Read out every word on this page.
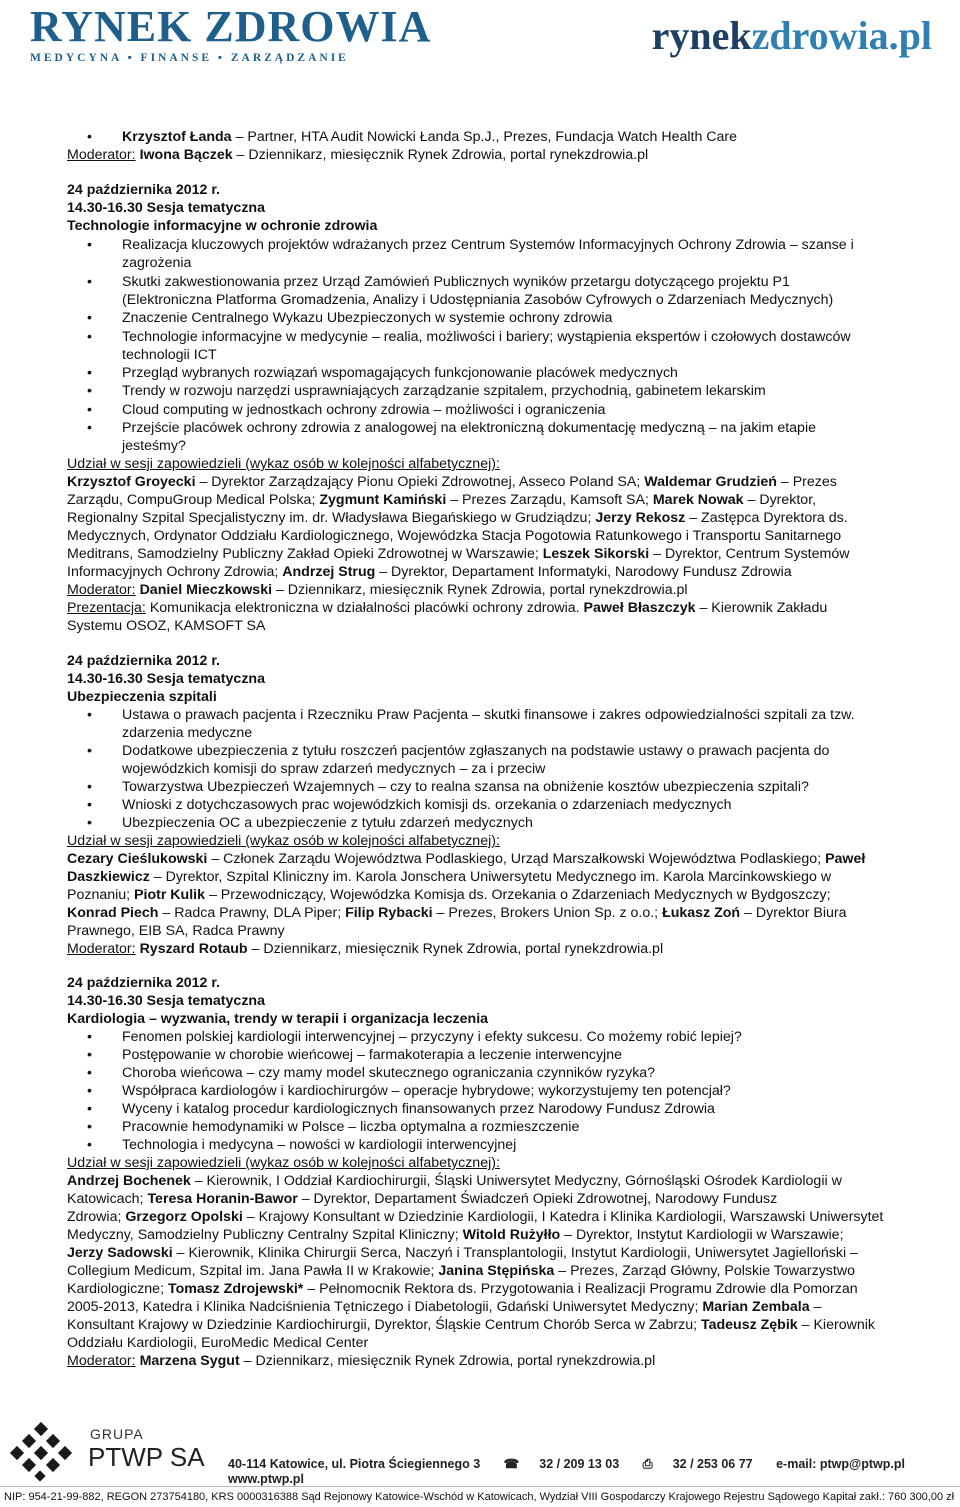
RYNEK ZDROWIA
MEDYCYNA ▪ FINANSE ▪ ZARZĄDZANIE	rynekzdrowia.pl
Krzysztof Łanda – Partner, HTA Audit Nowicki Łanda Sp.J., Prezes, Fundacja Watch Health Care
Moderator: Iwona Bączek – Dziennikarz, miesięcznik Rynek Zdrowia, portal rynekzdrowia.pl
24 października 2012 r.
14.30-16.30 Sesja tematyczna
Technologie informacyjne w ochronie zdrowia
Realizacja kluczowych projektów wdrażanych przez Centrum Systemów Informacyjnych Ochrony Zdrowia – szanse i
zagrożenia
Skutki zakwestionowania przez Urząd Zamówień Publicznych wyników przetargu dotyczącego projektu P1
(Elektroniczna Platforma Gromadzenia, Analizy i Udostępniania Zasobów Cyfrowych o Zdarzeniach Medycznych)
Znaczenie Centralnego Wykazu Ubezpieczonych w systemie ochrony zdrowia
Technologie informacyjne w medycynie – realia, możliwości i bariery; wystąpienia ekspertów i czołowych dostawców
technologii ICT
Przegląd wybranych rozwiązań wspomagających funkcjonowanie placówek medycznych
Trendy w rozwoju narzędzi usprawniających zarządzanie szpitalem, przychodnią, gabinetem lekarskim
Cloud computing w jednostkach ochrony zdrowia – możliwości i ograniczenia
Przejście placówek ochrony zdrowia z analogowej na elektroniczną dokumentację medyczną – na jakim etapie
jesteśmy?
Udział w sesji zapowiedzieli (wykaz osób w kolejności alfabetycznej):
Krzysztof Groyecki – Dyrektor Zarządzający Pionu Opieki Zdrowotnej, Asseco Poland SA; Waldemar Grudzień – Prezes
Zarządu, CompuGroup Medical Polska; Zygmunt Kamiński – Prezes Zarządu, Kamsoft SA; Marek Nowak – Dyrektor,
Regionalny Szpital Specjalistyczny im. dr. Władysława Biegańskiego w Grudziądzu; Jerzy Rekosz – Zastępca Dyrektora ds.
Medycznych, Ordynator Oddziału Kardiologicznego, Wojewódzka Stacja Pogotowia Ratunkowego i Transportu Sanitarnego
Meditrans, Samodzielny Publiczny Zakład Opieki Zdrowotnej w Warszawie; Leszek Sikorski – Dyrektor, Centrum Systemów
Informacyjnych Ochrony Zdrowia; Andrzej Strug – Dyrektor, Departament Informatyki, Narodowy Fundusz Zdrowia
Moderator: Daniel Mieczkowski – Dziennikarz, miesięcznik Rynek Zdrowia, portal rynekzdrowia.pl
Prezentacja: Komunikacja elektroniczna w działalności placówki ochrony zdrowia. Paweł Błaszczyk – Kierownik Zakładu
Systemu OSOZ, KAMSOFT SA
24 października 2012 r.
14.30-16.30 Sesja tematyczna
Ubezpieczenia szpitali
Ustawa o prawach pacjenta i Rzeczniku Praw Pacjenta – skutki finansowe i zakres odpowiedzialności szpitali za tzw.
zdarzenia medyczne
Dodatkowe ubezpieczenia z tytułu roszczeń pacjentów zgłaszanych na podstawie ustawy o prawach pacjenta do
wojewódzkich komisji do spraw zdarzeń medycznych – za i przeciw
Towarzystwa Ubezpieczeń Wzajemnych – czy to realna szansa na obniżenie kosztów ubezpieczenia szpitali?
Wnioski z dotychczasowych prac wojewódzkich komisji ds. orzekania o zdarzeniach medycznych
Ubezpieczenia OC a ubezpieczenie z tytułu zdarzeń medycznych
Udział w sesji zapowiedzieli (wykaz osób w kolejności alfabetycznej):
Cezary Cieślukowski – Członek Zarządu Województwa Podlaskiego, Urząd Marszałkowski Województwa Podlaskiego; Paweł
Daszkiewicz – Dyrektor, Szpital Kliniczny im. Karola Jonschera Uniwersytetu Medycznego im. Karola Marcinkowskiego w
Poznaniu; Piotr Kulik – Przewodniczący, Wojewódzka Komisja ds. Orzekania o Zdarzeniach Medycznych w Bydgoszczy;
Konrad Piech – Radca Prawny, DLA Piper; Filip Rybacki – Prezes, Brokers Union Sp. z o.o.; Łukasz Zoń – Dyrektor Biura
Prawnego, EIB SA, Radca Prawny
Moderator: Ryszard Rotaub – Dziennikarz, miesięcznik Rynek Zdrowia, portal rynekzdrowia.pl
24 października 2012 r.
14.30-16.30 Sesja tematyczna
Kardiologia – wyzwania, trendy w terapii i organizacja leczenia
Fenomen polskiej kardiologii interwencyjnej – przyczyny i efekty sukcesu. Co możemy robić lepiej?
Postępowanie w chorobie wieńcowej – farmakoterapia a leczenie interwencyjne
Choroba wieńcowa – czy mamy model skutecznego ograniczania czynników ryzyka?
Współpraca kardiologów i kardiochirurgów – operacje hybrydowe; wykorzystujemy ten potencjał?
Wyceny i katalog procedur kardiologicznych finansowanych przez Narodowy Fundusz Zdrowia
Pracownie hemodynamiki w Polsce – liczba optymalna a rozmieszczenie
Technologia i medycyna – nowości w kardiologii interwencyjnej
Udział w sesji zapowiedzieli (wykaz osób w kolejności alfabetycznej):
Andrzej Bochenek – Kierownik, I Oddział Kardiochirurgii, Śląski Uniwersytet Medyczny, Górnośląski Ośrodek Kardiologii w
Katowicach; Teresa Horanin-Bawor – Dyrektor, Departament Świadczeń Opieki Zdrowotnej, Narodowy Fundusz
Zdrowia; Grzegorz Opolski – Krajowy Konsultant w Dziedzinie Kardiologii, I Katedra i Klinika Kardiologii, Warszawski Uniwersytet
Medyczny, Samodzielny Publiczny Centralny Szpital Kliniczny; Witold Rużyłło – Dyrektor, Instytut Kardiologii w Warszawie;
Jerzy Sadowski – Kierownik, Klinika Chirurgii Serca, Naczyń i Transplantologii, Instytut Kardiologii, Uniwersytet Jagielloński –
Collegium Medicum, Szpital im. Jana Pawła II w Krakowie; Janina Stępińska – Prezes, Zarząd Główny, Polskie Towarzystwo
Kardiologiczne; Tomasz Zdrojewski* – Pełnomocnik Rektora ds. Przygotowania i Realizacji Programu Zdrowie dla Pomorzan
2005-2013, Katedra i Klinika Nadciśnienia Tętniczego i Diabetologii, Gdański Uniwersytet Medyczny; Marian Zembala –
Konsultant Krajowy w Dziedzinie Kardiochirurgii, Dyrektor, Śląskie Centrum Chorób Serca w Zabrzu; Tadeusz Zębik – Kierownik
Oddziału Kardiologii, EuroMedic Medical Center
Moderator: Marzena Sygut – Dziennikarz, miesięcznik Rynek Zdrowia, portal rynekzdrowia.pl
GRUPA
PTWP SA 40-114 Katowice, ul. Piotra Ściegiennego 3 ☎ 32 / 209 13 03 ⎙ 32 / 253 06 77 e-mail: ptwp@ptwp.pl www.ptwp.pl
NIP: 954-21-99-882, REGON 273754180, KRS 0000316388 Sąd Rejonowy Katowice-Wschód w Katowicach, Wydział VIII Gospodarczy Krajowego Rejestru Sądowego Kapitał zakł.: 760 300,00 zł
